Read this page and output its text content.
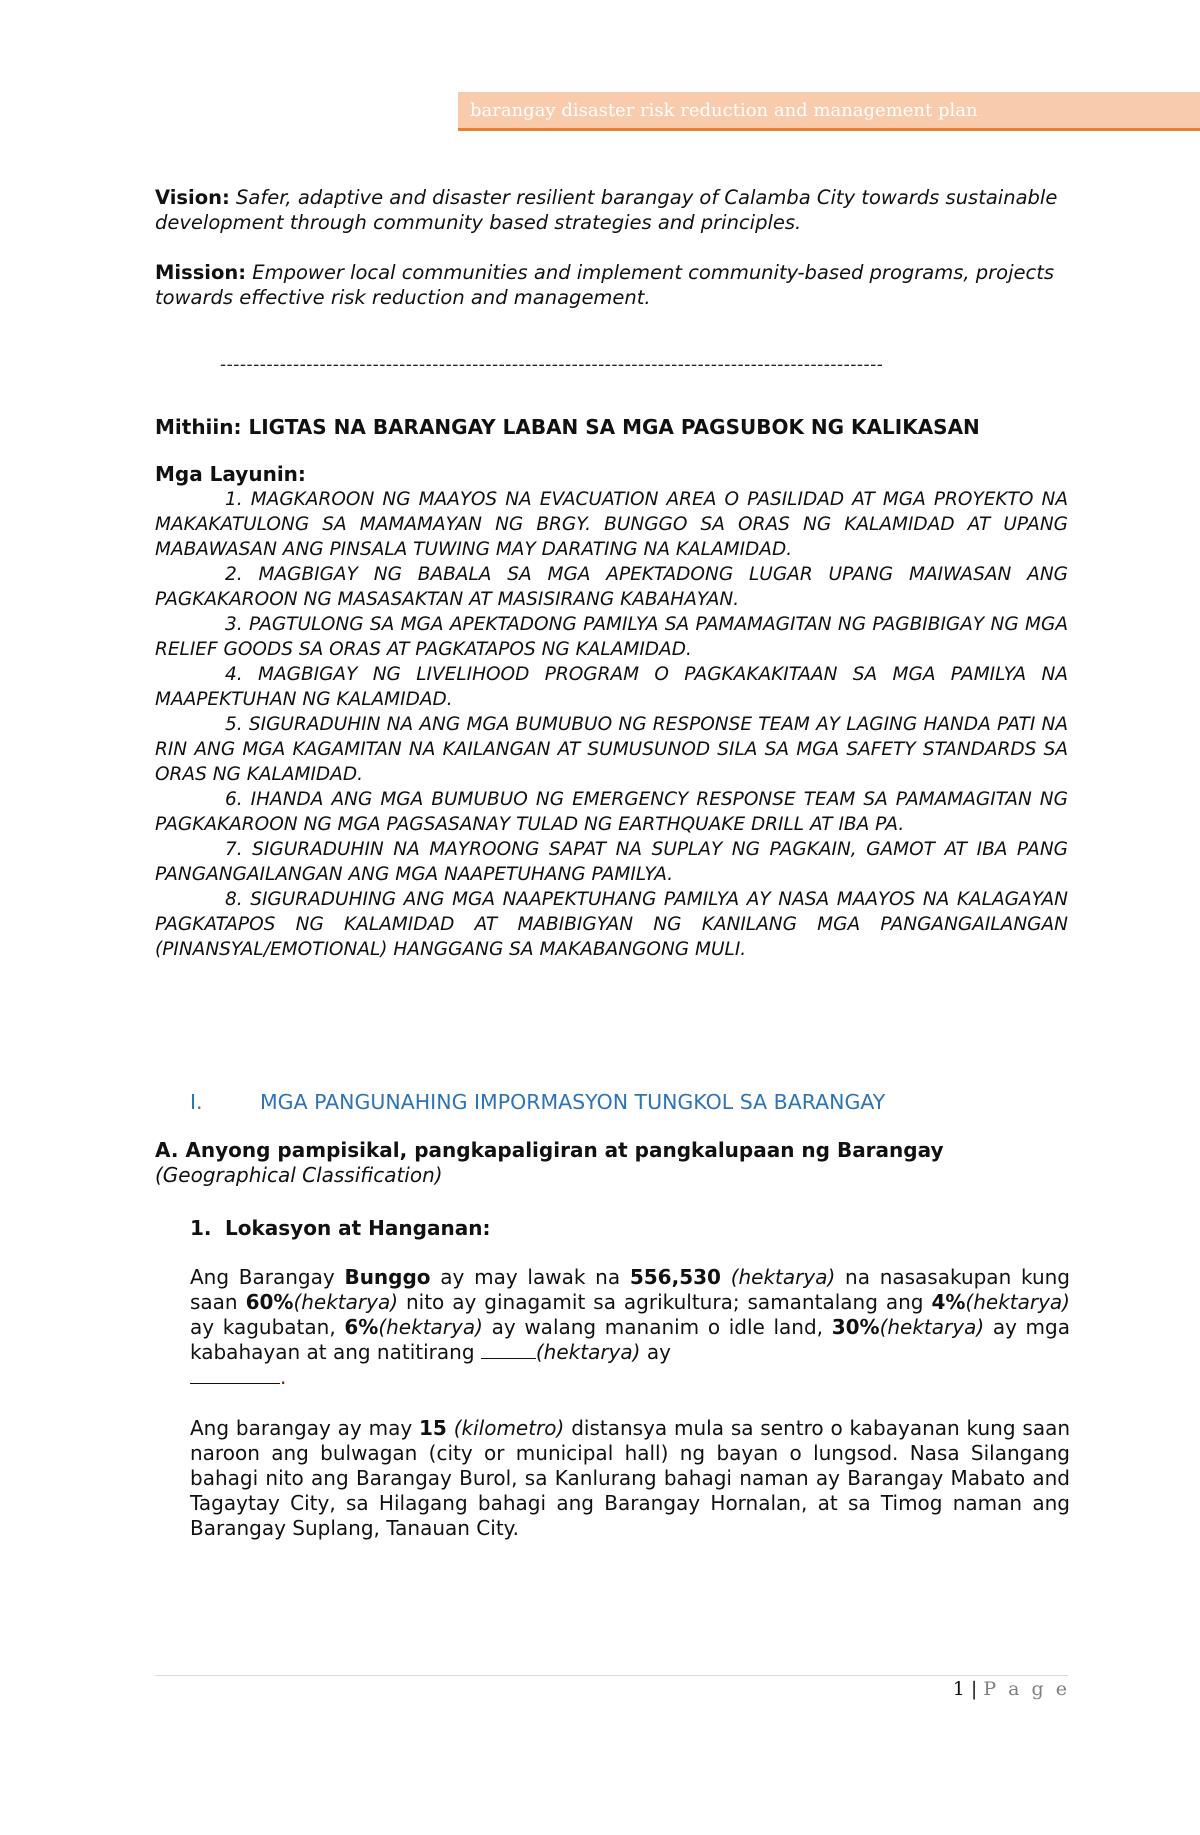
barangay disaster risk reduction and management plan
Vision: Safer, adaptive and disaster resilient barangay of Calamba City towards sustainable development through community based strategies and principles.
Mission: Empower local communities and implement community-based programs, projects towards effective risk reduction and management.
----------------------------------------------------------------------------------------------------
Mithiin: LIGTAS NA BARANGAY LABAN SA MGA PAGSUBOK NG KALIKASAN
Mga Layunin:

1. MAGKAROON NG MAAYOS NA EVACUATION AREA O PASILIDAD AT MGA PROYEKTO NA MAKAKATULONG SA MAMAMAYAN NG BRGY. BUNGGO SA ORAS NG KALAMIDAD AT UPANG MABAWASAN ANG PINSALA TUWING MAY DARATING NA KALAMIDAD.

2. MAGBIGAY NG BABALA SA MGA APEKTADONG LUGAR UPANG MAIWASAN ANG PAGKAKAROON NG MASASAKTAN AT MASISIRANG KABAHAYAN.

3. PAGTULONG SA MGA APEKTADONG PAMILYA SA PAMAMAGITAN NG PAGBIBIGAY NG MGA RELIEF GOODS SA ORAS AT PAGKATAPOS NG KALAMIDAD.

4. MAGBIGAY NG LIVELIHOOD PROGRAM O PAGKAKAKITAAN SA MGA PAMILYA NA MAAPEKTUHAN NG KALAMIDAD.

5. SIGURADUHIN NA ANG MGA BUMUBUO NG RESPONSE TEAM AY LAGING HANDA PATI NA RIN ANG MGA KAGAMITAN NA KAILANGAN AT SUMUSUNOD SILA SA MGA SAFETY STANDARDS SA ORAS NG KALAMIDAD.

6. IHANDA ANG MGA BUMUBUO NG EMERGENCY RESPONSE TEAM SA PAMAMAGITAN NG PAGKAKAROON NG MGA PAGSASANAY TULAD NG EARTHQUAKE DRILL AT IBA PA.

7. SIGURADUHIN NA MAYROONG SAPAT NA SUPLAY NG PAGKAIN, GAMOT AT IBA PANG PANGANGAILANGAN ANG MGA NAAPETUHANG PAMILYA.

8. SIGURADUHING ANG MGA NAAPEKTUHANG PAMILYA AY NASA MAAYOS NA KALAGAYAN PAGKATAPOS NG KALAMIDAD AT MABIBIGYAN NG KANILANG MGA PANGANGAILANGAN (PINANSYAL/EMOTIONAL) HANGGANG SA MAKABANGONG MULI.

I.	MGA PANGUNAHING IMPORMASYON TUNGKOL SA BARANGAY
A. Anyong pampisikal, pangkapaligiran at pangkalupaan ng Barangay
(Geographical Classification)
1. Lokasyon at Hanganan:

Ang Barangay Bunggo ay may lawak na 556,530 (hektarya) na nasasakupan kung saan 60%(hektarya) nito ay ginagamit sa agrikultura; samantalang ang 4%(hektarya) ay kagubatan, 6%(hektarya) ay walang mananim o idle land, 30%(hektarya) ay mga kabahayan at ang natitirang	(hektarya) ay
.

Ang barangay ay may 15 (kilometro) distansya mula sa sentro o kabayanan kung saan naroon ang bulwagan (city or municipal hall) ng bayan o lungsod. Nasa Silangang bahagi nito ang Barangay Burol, sa Kanlurang bahagi naman ay Barangay Mabato and Tagaytay City, sa Hilagang bahagi ang Barangay Hornalan, at sa Timog naman ang Barangay Suplang, Tanauan City.

1 | P a g e
